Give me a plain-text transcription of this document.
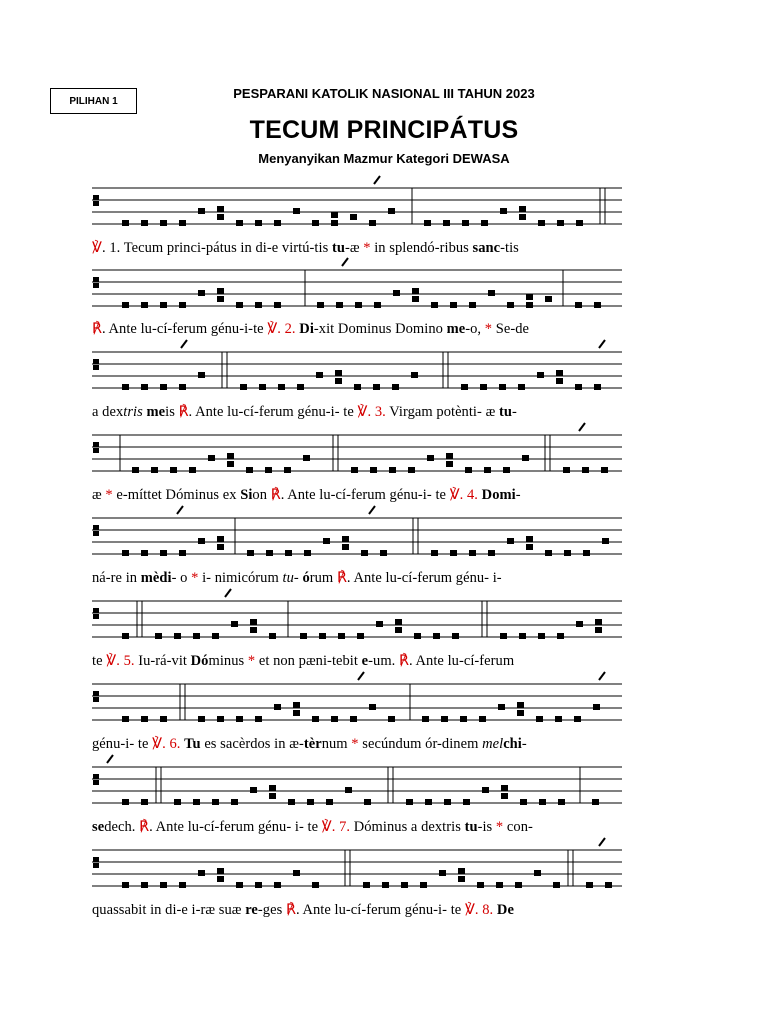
PILIHAN 1	PESPARANI KATOLIK NASIONAL III TAHUN 2023
TECUM PRINCIPÁTUS
Menyanyikan Mazmur Kategori DEWASA
℣. 1. Tecum princi-pátus in di-e virtú-tis tu-æ * in splendó-ribus sanc-tis
℟. Ante lu-cí-ferum génu-i-te ℣. 2. Di-xit Dominus Domino me-o, * Se-de
a dextris meis ℟. Ante lu-cí-ferum génu-i- te ℣. 3. Virgam potènti- æ tu-
æ * e-míttet Dóminus ex Sion ℟. Ante lu-cí-ferum génu-i- te ℣. 4. Domi-
ná-re in mèdi- o * i- nimicórum tu- órum ℟. Ante lu-cí-ferum génu- i-
te ℣. 5. Iu-rá-vit Dóminus * et non pæni-tebit e-um. ℟. Ante lu-cí-ferum
génu-i- te ℣. 6. Tu es sacèrdos in æ-tèrnum * secúndum ór-dinem melchi-
sedech. ℟. Ante lu-cí-ferum génu- i- te ℣. 7. Dóminus a dextris tu-is * con-
quassabit in di-e i-ræ suæ re-ges ℟. Ante lu-cí-ferum génu-i- te ℣. 8. De
